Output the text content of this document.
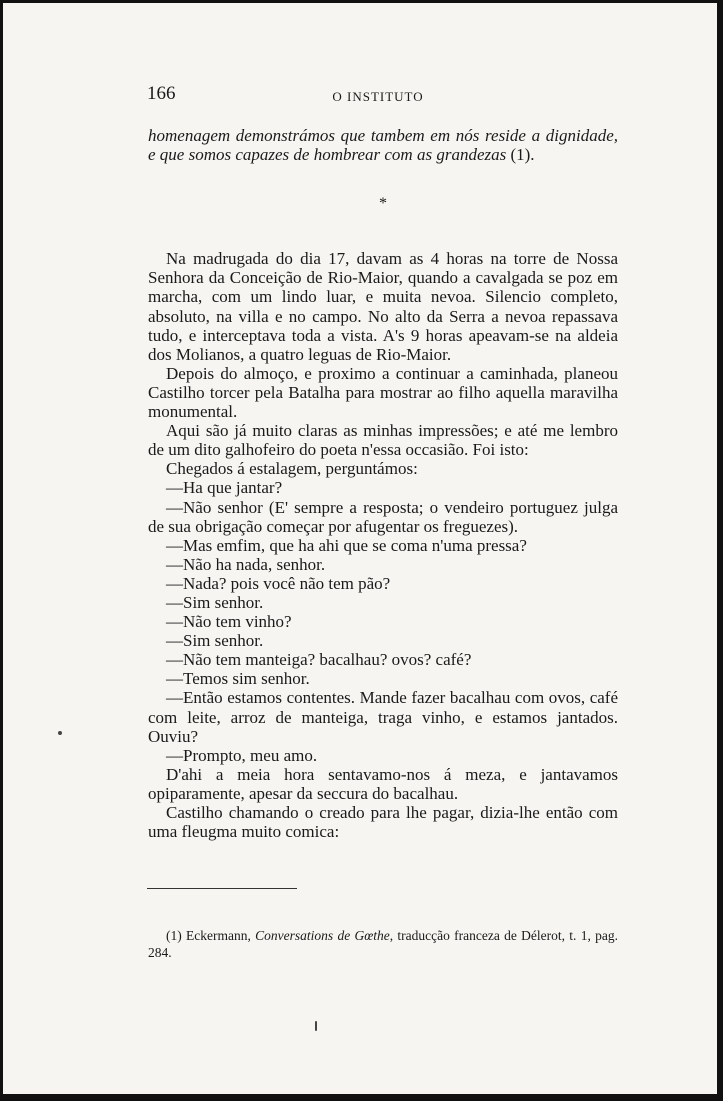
166	O INSTITUTO

homenagem demonstrámos que tambem em nós reside a dignidade, e que somos capazes de hombrear com as grandezas (1).

*

Na madrugada do dia 17, davam as 4 horas na torre de Nossa Senhora da Conceição de Rio-Maior, quando a cavalgada se poz em marcha, com um lindo luar, e muita nevoa. Silencio completo, absoluto, na villa e no campo. No alto da Serra a nevoa repassava tudo, e interceptava toda a vista. A's 9 horas apeavam-se na aldeia dos Molianos, a quatro leguas de Rio-Maior.

Depois do almoço, e proximo a continuar a caminhada, planeou Castilho torcer pela Batalha para mostrar ao filho aquella maravilha monumental.

Aqui são já muito claras as minhas impressões; e até me lembro de um dito galhofeiro do poeta n'essa occasião. Foi isto:

Chegados á estalagem, perguntámos:

—Ha que jantar?

—Não senhor (E' sempre a resposta; o vendeiro portuguez julga de sua obrigação começar por afugentar os freguezes).

—Mas emfim, que ha ahi que se coma n'uma pressa?

—Não ha nada, senhor.

—Nada? pois você não tem pão?

—Sim senhor.

—Não tem vinho?

—Sim senhor.

—Não tem manteiga? bacalhau? ovos? café?

—Temos sim senhor.

—Então estamos contentes. Mande fazer bacalhau com ovos, café com leite, arroz de manteiga, traga vinho, e estamos jantados. Ouviu?

—Prompto, meu amo.

D'ahi a meia hora sentavamo-nos á meza, e jantavamos opiparamente, apesar da seccura do bacalhau.

Castilho chamando o creado para lhe pagar, dizia-lhe então com uma fleugma muito comica:

(1) Eckermann, Conversations de Gœthe, traducção franceza de Délerot, t. 1, pag. 284.
